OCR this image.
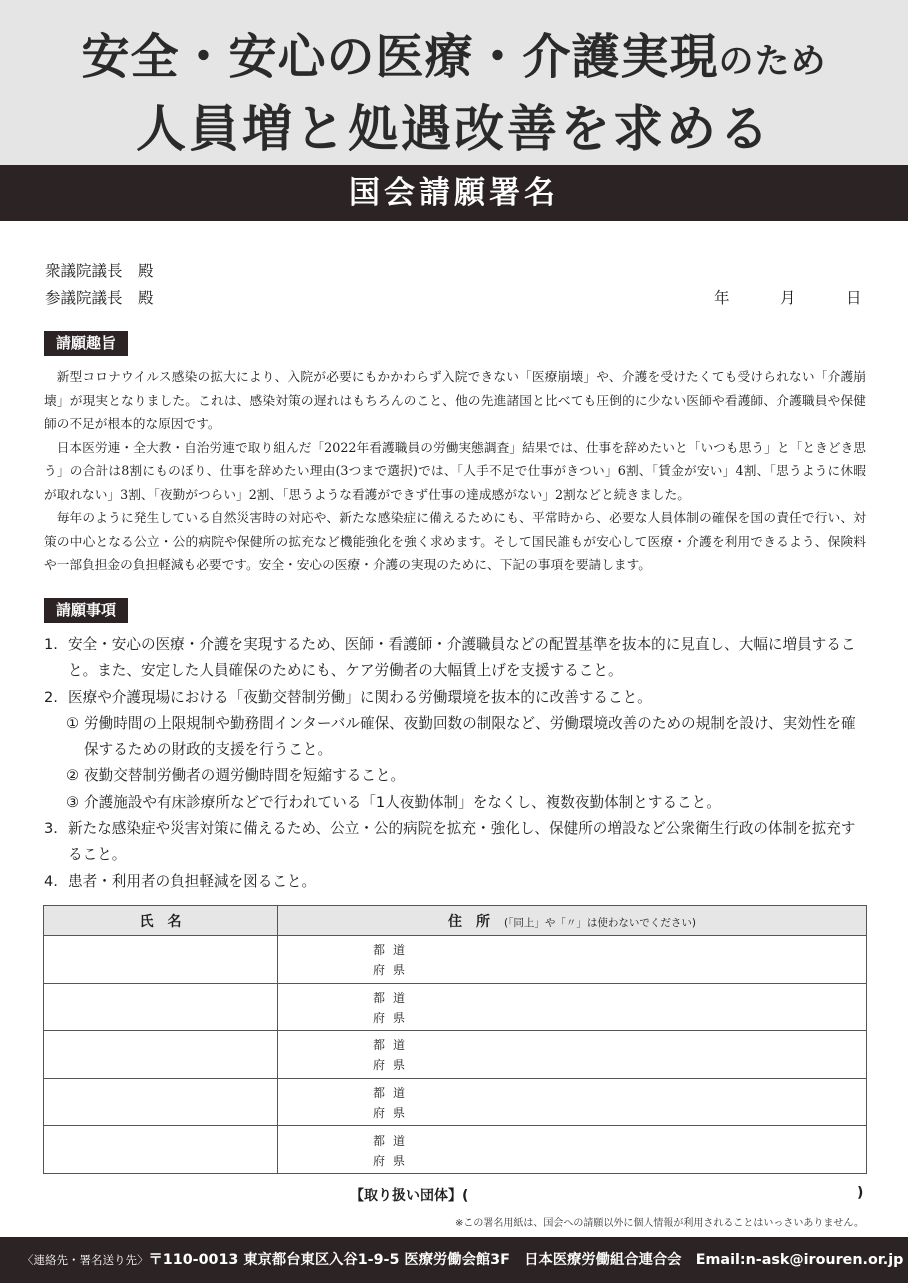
安全・安心の医療・介護実現のため
人員増と処遇改善を求める
国会請願署名
衆議院議長　殿
参議院議長　殿	年	月	日
請願趣旨

新型コロナウイルス感染の拡大により、入院が必要にもかかわらず入院できない「医療崩壊」や、介護を受けたくても受けられない「介護崩壊」が現実となりました。これは、感染対策の遅れはもちろんのこと、他の先進諸国と比べても圧倒的に少ない医師や看護師、介護職員や保健師の不足が根本的な原因です。

日本医労連・全大教・自治労連で取り組んだ「2022年看護職員の労働実態調査」結果では、仕事を辞めたいと「いつも思う」と「ときどき思う」の合計は8割にものぼり、仕事を辞めたい理由(3つまで選択)では、「人手不足で仕事がきつい」6割、「賃金が安い」4割、「思うように休暇が取れない」3割、「夜勤がつらい」2割、「思うような看護ができず仕事の達成感がない」2割などと続きました。

毎年のように発生している自然災害時の対応や、新たな感染症に備えるためにも、平常時から、必要な人員体制の確保を国の責任で行い、対策の中心となる公立・公的病院や保健所の拡充など機能強化を強く求めます。そして国民誰もが安心して医療・介護を利用できるよう、保険料や一部負担金の負担軽減も必要です。安全・安心の医療・介護の実現のために、下記の事項を要請します。

請願事項
1. 安全・安心の医療・介護を実現するため、医師・看護師・介護職員などの配置基準を抜本的に見直し、大幅に増員すること。また、安定した人員確保のためにも、ケア労働者の大幅賃上げを支援すること。
2. 医療や介護現場における「夜勤交替制労働」に関わる労働環境を抜本的に改善すること。
① 労働時間の上限規制や勤務間インターバル確保、夜勤回数の制限など、労働環境改善のための規制を設け、実効性を確保するための財政的支援を行うこと。
② 夜勤交替制労働者の週労働時間を短縮すること。
③ 介護施設や有床診療所などで行われている「1人夜勤体制」をなくし、複数夜勤体制とすること。
3. 新たな感染症や災害対策に備えるため、公立・公的病院を拡充・強化し、保健所の増設など公衆衛生行政の体制を拡充すること。
4. 患者・利用者の負担軽減を図ること。
氏　名	住　所 (「同上」や「〃」は使わないでください)

	都道
府県

	都道
府県

	都道
府県

	都道
府県

	都道
府県
【取り扱い団体】(	)
※この署名用紙は、国会への請願以外に個人情報が利用されることはいっさいありません。
〈連絡先・署名送り先〉〒110-0013 東京都台東区入谷1-9-5 医療労働会館3F　日本医療労働組合連合会　Email:n-ask@irouren.or.jp
